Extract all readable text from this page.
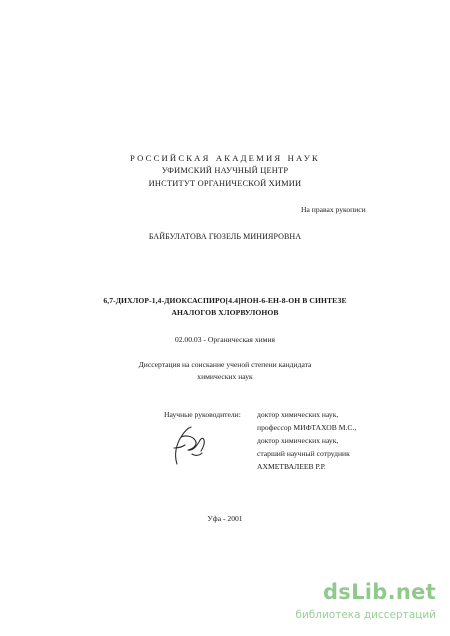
РОССИЙСКАЯ АКАДЕМИЯ НАУК
УФИМСКИЙ НАУЧНЫЙ ЦЕНТР
ИНСТИТУТ ОРГАНИЧЕСКОЙ ХИМИИ
На правах рукописи
БАЙБУЛАТОВА ГЮЗЕЛЬ МИНИЯРОВНА
6,7-ДИХЛОР-1,4-ДИОКСАСПИРО[4.4]НОН-6-ЕН-8-ОН В СИНТЕЗЕ
АНАЛОГОВ ХЛОРВУЛОНОВ
02.00.03 - Органическая химия
Диссертация на соискание ученой степени кандидата
химических наук
Научные руководители: доктор химических наук,
профессор МИФТАХОВ М.С.,
доктор химических наук,
старший научный сотрудник
АХМЕТВАЛЕЕВ Р.Р.
Уфа - 2001
dsLib.net
библиотека диссертаций
